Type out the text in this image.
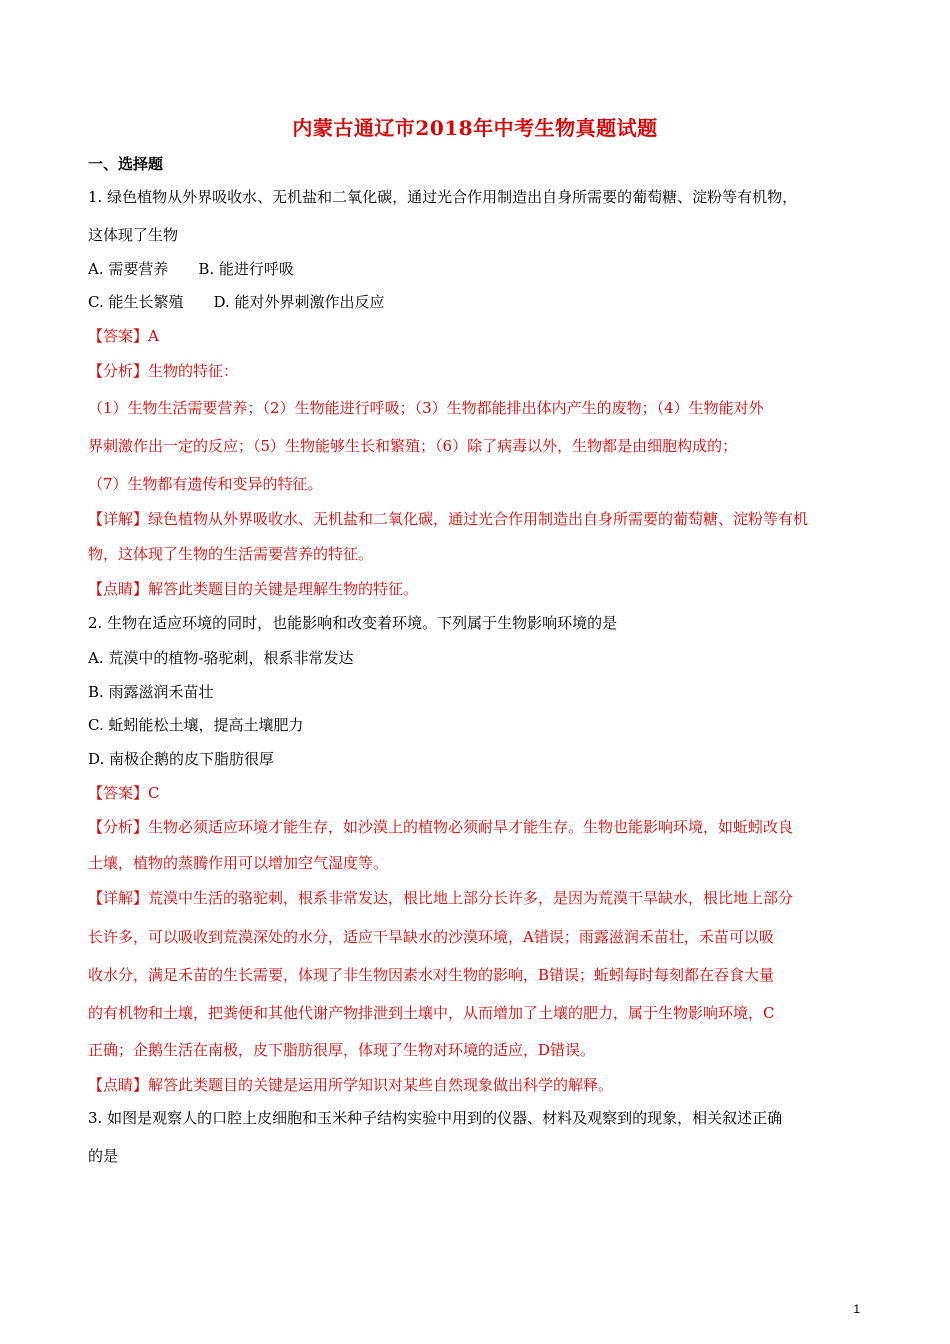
内蒙古通辽市2018年中考生物真题试题
一、选择题
1. 绿色植物从外界吸收水、无机盐和二氧化碳，通过光合作用制造出自身所需要的葡萄糖、淀粉等有机物，
这体现了生物
A. 需要营养 B. 能进行呼吸
C. 能生长繁殖 D. 能对外界刺激作出反应
【答案】A
【分析】生物的特征：
（1）生物生活需要营养；（2）生物能进行呼吸；（3）生物都能排出体内产生的废物；（4）生物能对外
界刺激作出一定的反应；（5）生物能够生长和繁殖；（6）除了病毒以外，生物都是由细胞构成的；
（7）生物都有遗传和变异的特征。
【详解】绿色植物从外界吸收水、无机盐和二氧化碳，通过光合作用制造出自身所需要的葡萄糖、淀粉等有机
物，这体现了生物的生活需要营养的特征。
【点睛】解答此类题目的关键是理解生物的特征。
2. 生物在适应环境的同时，也能影响和改变着环境。下列属于生物影响环境的是
A. 荒漠中的植物-骆驼刺，根系非常发达
B. 雨露滋润禾苗壮
C. 蚯蚓能松土壤，提高土壤肥力
D. 南极企鹅的皮下脂肪很厚
【答案】C
【分析】生物必须适应环境才能生存，如沙漠上的植物必须耐旱才能生存。生物也能影响环境，如蚯蚓改良
土壤，植物的蒸腾作用可以增加空气湿度等。
【详解】荒漠中生活的骆驼刺，根系非常发达，根比地上部分长许多，是因为荒漠干旱缺水，根比地上部分
长许多，可以吸收到荒漠深处的水分，适应干旱缺水的沙漠环境，A错误；雨露滋润禾苗壮，禾苗可以吸
收水分，满足禾苗的生长需要，体现了非生物因素水对生物的影响，B错误；蚯蚓每时每刻都在吞食大量
的有机物和土壤，把粪便和其他代谢产物排泄到土壤中，从而增加了土壤的肥力，属于生物影响环境，C
正确；企鹅生活在南极，皮下脂肪很厚，体现了生物对环境的适应，D错误。
【点睛】解答此类题目的关键是运用所学知识对某些自然现象做出科学的解释。
3. 如图是观察人的口腔上皮细胞和玉米种子结构实验中用到的仪器、材料及观察到的现象，相关叙述正确
的是
1
